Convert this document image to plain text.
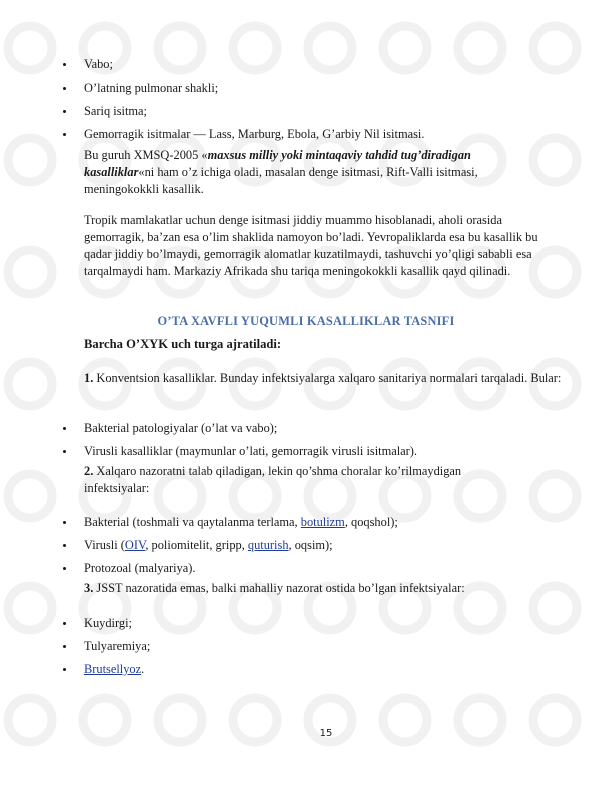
Vabo;
O’latning pulmonar shakli;
Sariq isitma;
Gemorragik isitmalar — Lass, Marburg, Ebola, G’arbiy Nil isitmasi.
Bu guruh XMSQ-2005 «maxsus milliy yoki mintaqaviy tahdid tug’diradigan kasalliklar«ni ham o’z ichiga oladi, masalan denge isitmasi, Rift-Valli isitmasi, meningokokkli kasallik.
Tropik mamlakatlar uchun denge isitmasi jiddiy muammo hisoblanadi, aholi orasida gemorragik, ba’zan esa o’lim shaklida namoyon bo’ladi. Yevropaliklarda esa bu kasallik bu qadar jiddiy bo’lmaydi, gemorragik alomatlar kuzatilmaydi, tashuvchi yo’qligi sababli esa tarqalmaydi ham. Markaziy Afrikada shu tariqa meningokokkli kasallik qayd qilinadi.
O’TA XAVFLI YUQUMLI KASALLIKLAR TASNIFI
Barcha O’XYK uch turga ajratiladi:
1. Konventsion kasalliklar. Bunday infektsiyalarga xalqaro sanitariya normalari tarqaladi. Bular:
Bakterial patologiyalar (o’lat va vabo);
Virusli kasalliklar (maymunlar o’lati, gemorragik virusli isitmalar).
2. Xalqaro nazoratni talab qiladigan, lekin qo’shma choralar ko’rilmaydigan infektsiyalar:
Bakterial (toshmali va qaytalanma terlama, botulizm, qoqshol);
Virusli (OIV, poliomitelit, gripp, quturish, oqsim);
Protozoal (malyariya).
3. JSST nazoratida emas, balki mahalliy nazorat ostida bo’lgan infektsiyalar:
Kuydirgi;
Tulyaremiya;
Brutsellyoz.
15
